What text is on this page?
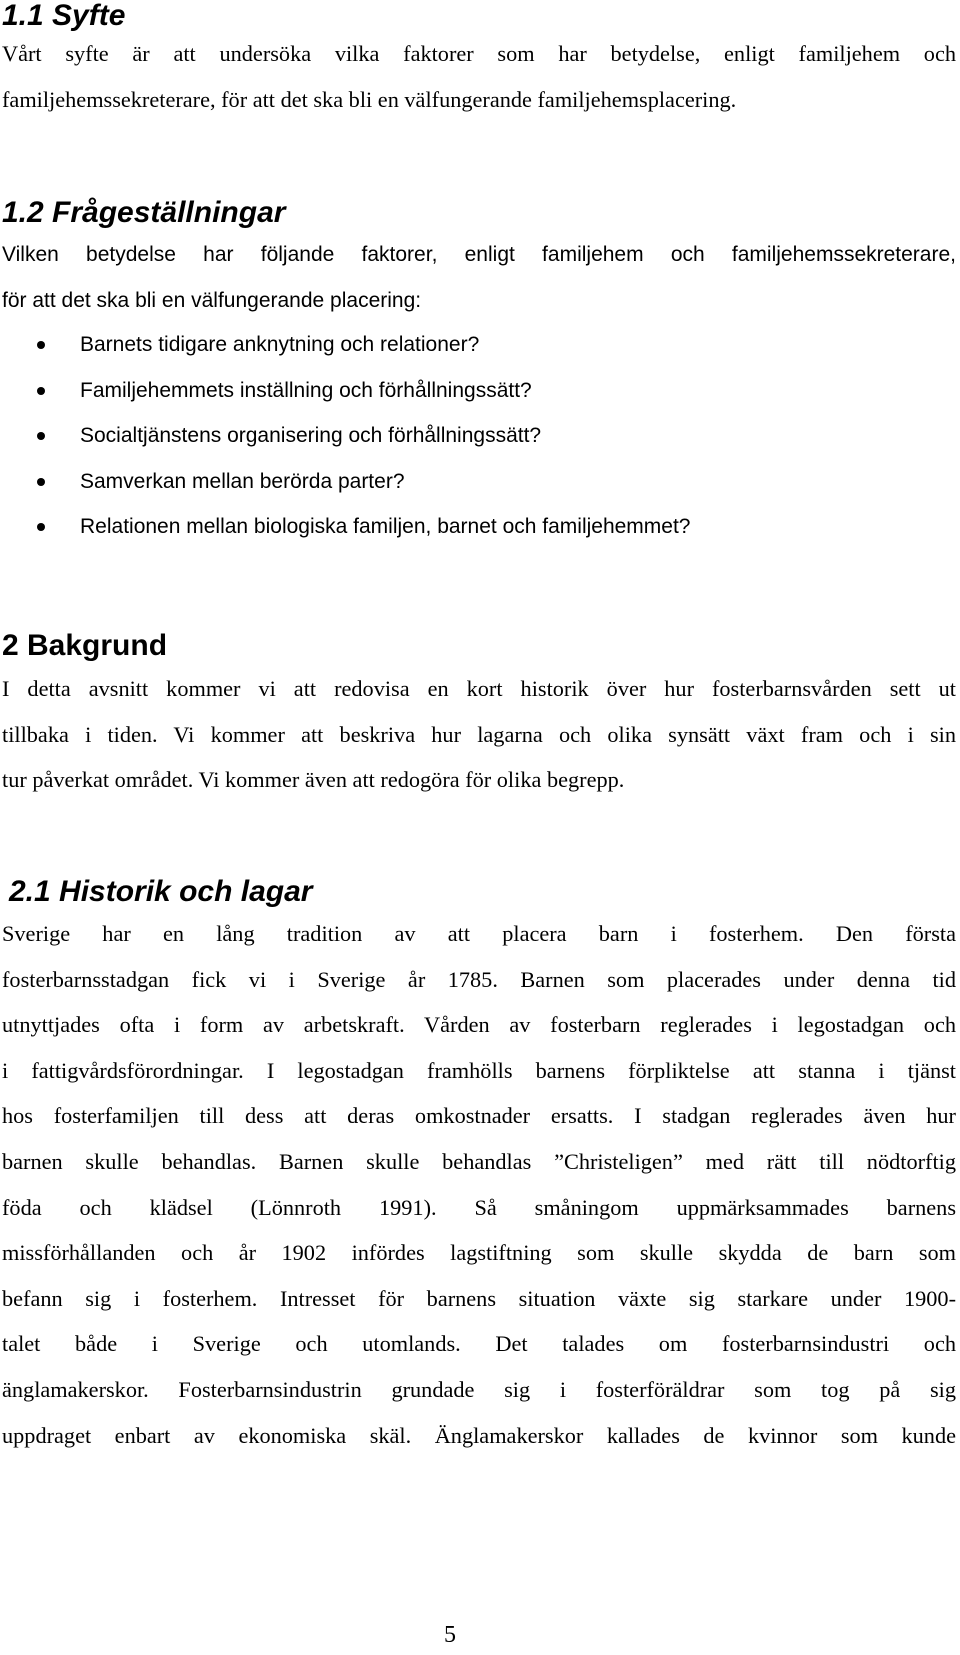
1.1 Syfte
Vårt syfte är att undersöka vilka faktorer som har betydelse, enligt familjehem och
familjehemssekreterare, för att det ska bli en välfungerande familjehemsplacering.
1.2 Frågeställningar
Vilken betydelse har följande faktorer, enligt familjehem och familjehemssekreterare,
för att det ska bli en välfungerande placering:
Barnets tidigare anknytning och relationer?
Familjehemmets inställning och förhållningssätt?
Socialtjänstens organisering och förhållningssätt?
Samverkan mellan berörda parter?
Relationen mellan biologiska familjen, barnet och familjehemmet?
2 Bakgrund
I detta avsnitt kommer vi att redovisa en kort historik över hur fosterbarnsvården sett ut
tillbaka i tiden. Vi kommer att beskriva hur lagarna och olika synsätt växt fram och i sin
tur påverkat området. Vi kommer även att redogöra för olika begrepp.
2.1 Historik och lagar
Sverige har en lång tradition av att placera barn i fosterhem. Den första
fosterbarnsstadgan fick vi i Sverige år 1785. Barnen som placerades under denna tid
utnyttjades ofta i form av arbetskraft. Vården av fosterbarn reglerades i legostadgan och
i fattigvårdsförordningar. I legostadgan framhölls barnens förpliktelse att stanna i tjänst
hos fosterfamiljen till dess att deras omkostnader ersatts. I stadgan reglerades även hur
barnen skulle behandlas. Barnen skulle behandlas ”Christeligen” med rätt till nödtorftig
föda och klädsel (Lönnroth 1991). Så småningom uppmärksammades barnens
missförhållanden och år 1902 infördes lagstiftning som skulle skydda de barn som
befann sig i fosterhem. Intresset för barnens situation växte sig starkare under 1900-
talet både i Sverige och utomlands. Det talades om fosterbarnsindustri och
änglamakerskor. Fosterbarnsindustrin grundade sig i fosterföräldrar som tog på sig
uppdraget enbart av ekonomiska skäl. Änglamakerskor kallades de kvinnor som kunde
5
